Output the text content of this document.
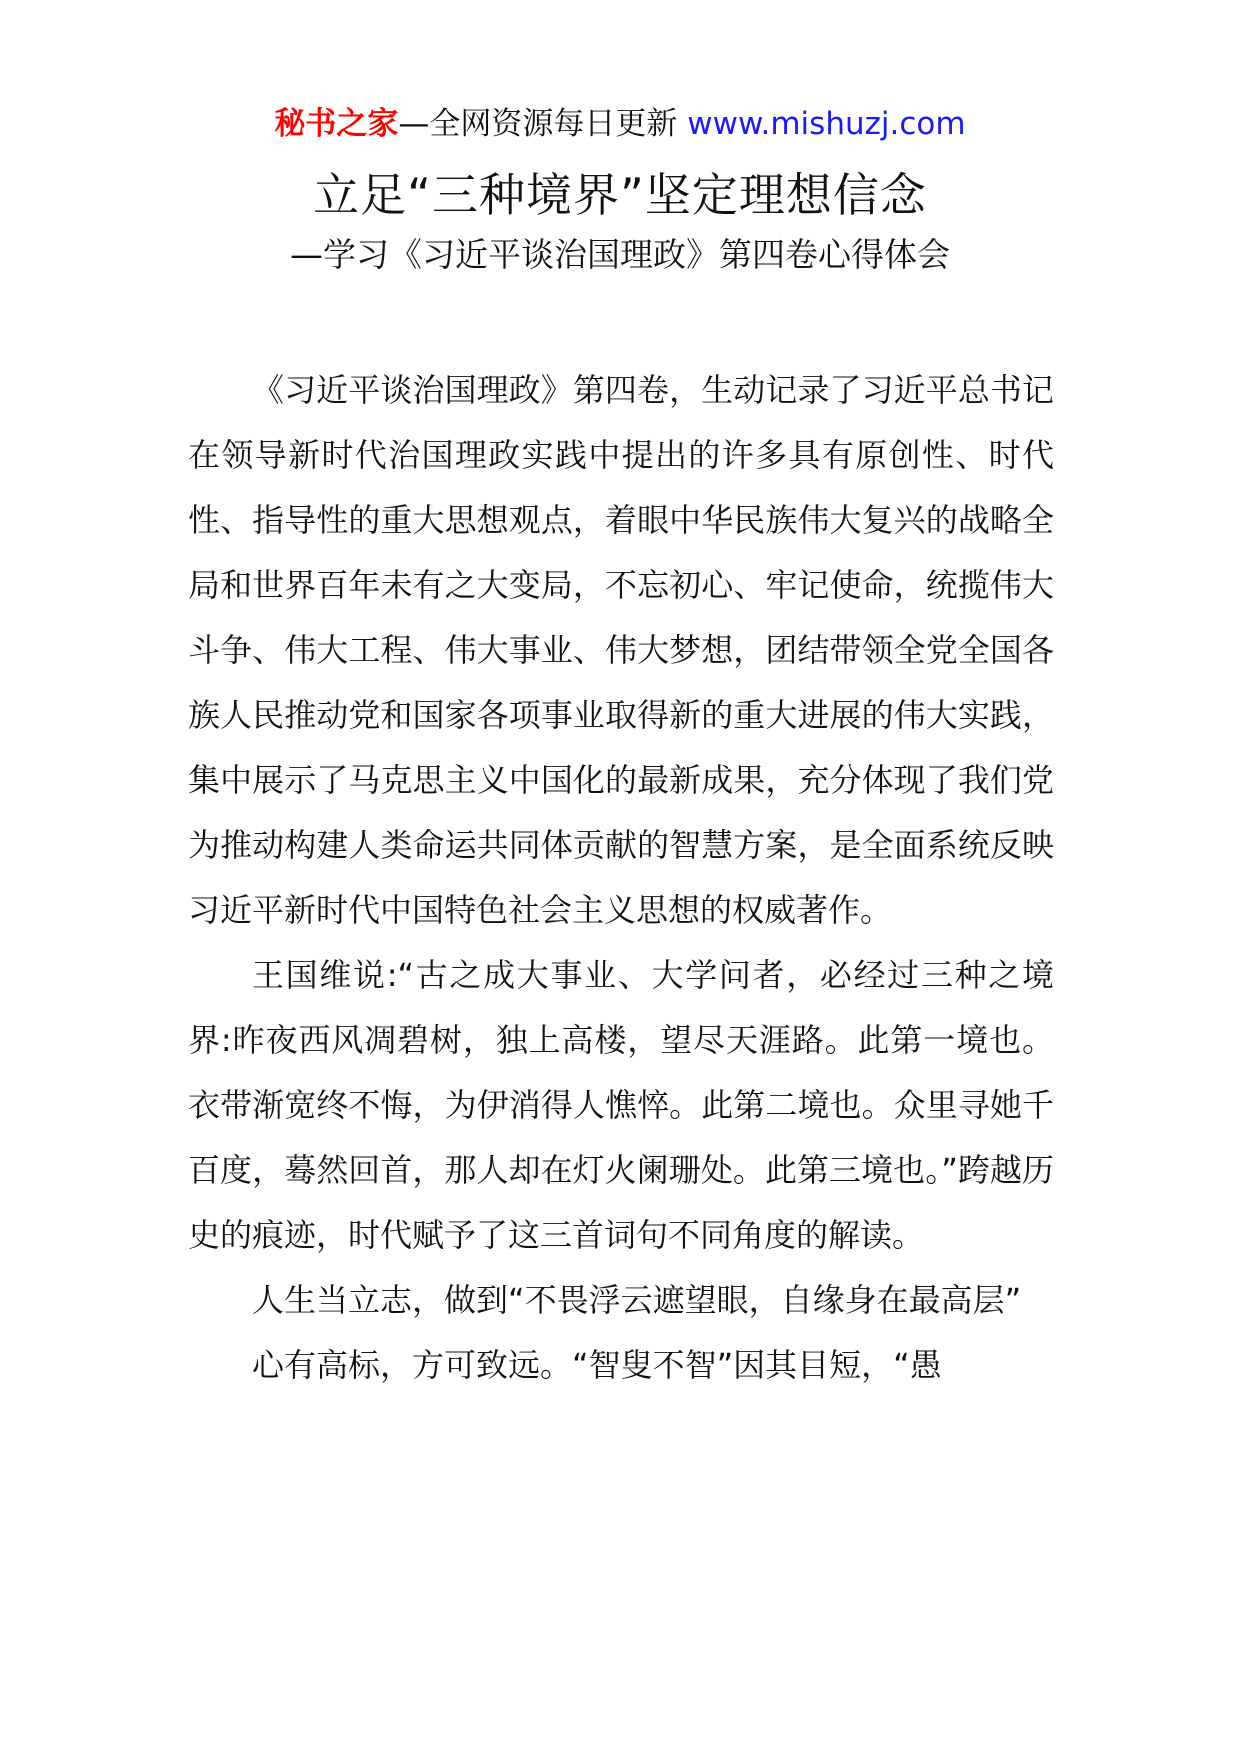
秘书之家—全网资源每日更新 www.mishuzj.com
立足“三种境界”坚定理想信念
—学习《习近平谈治国理政》第四卷心得体会

《习近平谈治国理政》第四卷，生动记录了习近平总书记在领导新时代治国理政实践中提出的许多具有原创性、时代性、指导性的重大思想观点，着眼中华民族伟大复兴的战略全局和世界百年未有之大变局，不忘初心、牢记使命，统揽伟大斗争、伟大工程、伟大事业、伟大梦想，团结带领全党全国各族人民推动党和国家各项事业取得新的重大进展的伟大实践，集中展示了马克思主义中国化的最新成果，充分体现了我们党为推动构建人类命运共同体贡献的智慧方案，是全面系统反映习近平新时代中国特色社会主义思想的权威著作。

王国维说:“古之成大事业、大学问者，必经过三种之境界:昨夜西风凋碧树，独上高楼，望尽天涯路。此第一境也。衣带渐宽终不悔，为伊消得人憔悴。此第二境也。众里寻她千百度，蓦然回首，那人却在灯火阑珊处。此第三境也。”跨越历史的痕迹，时代赋予了这三首词句不同角度的解读。

人生当立志，做到“不畏浮云遮望眼，自缘身在最高层”

心有高标，方可致远。“智叟不智”因其目短，“愚
